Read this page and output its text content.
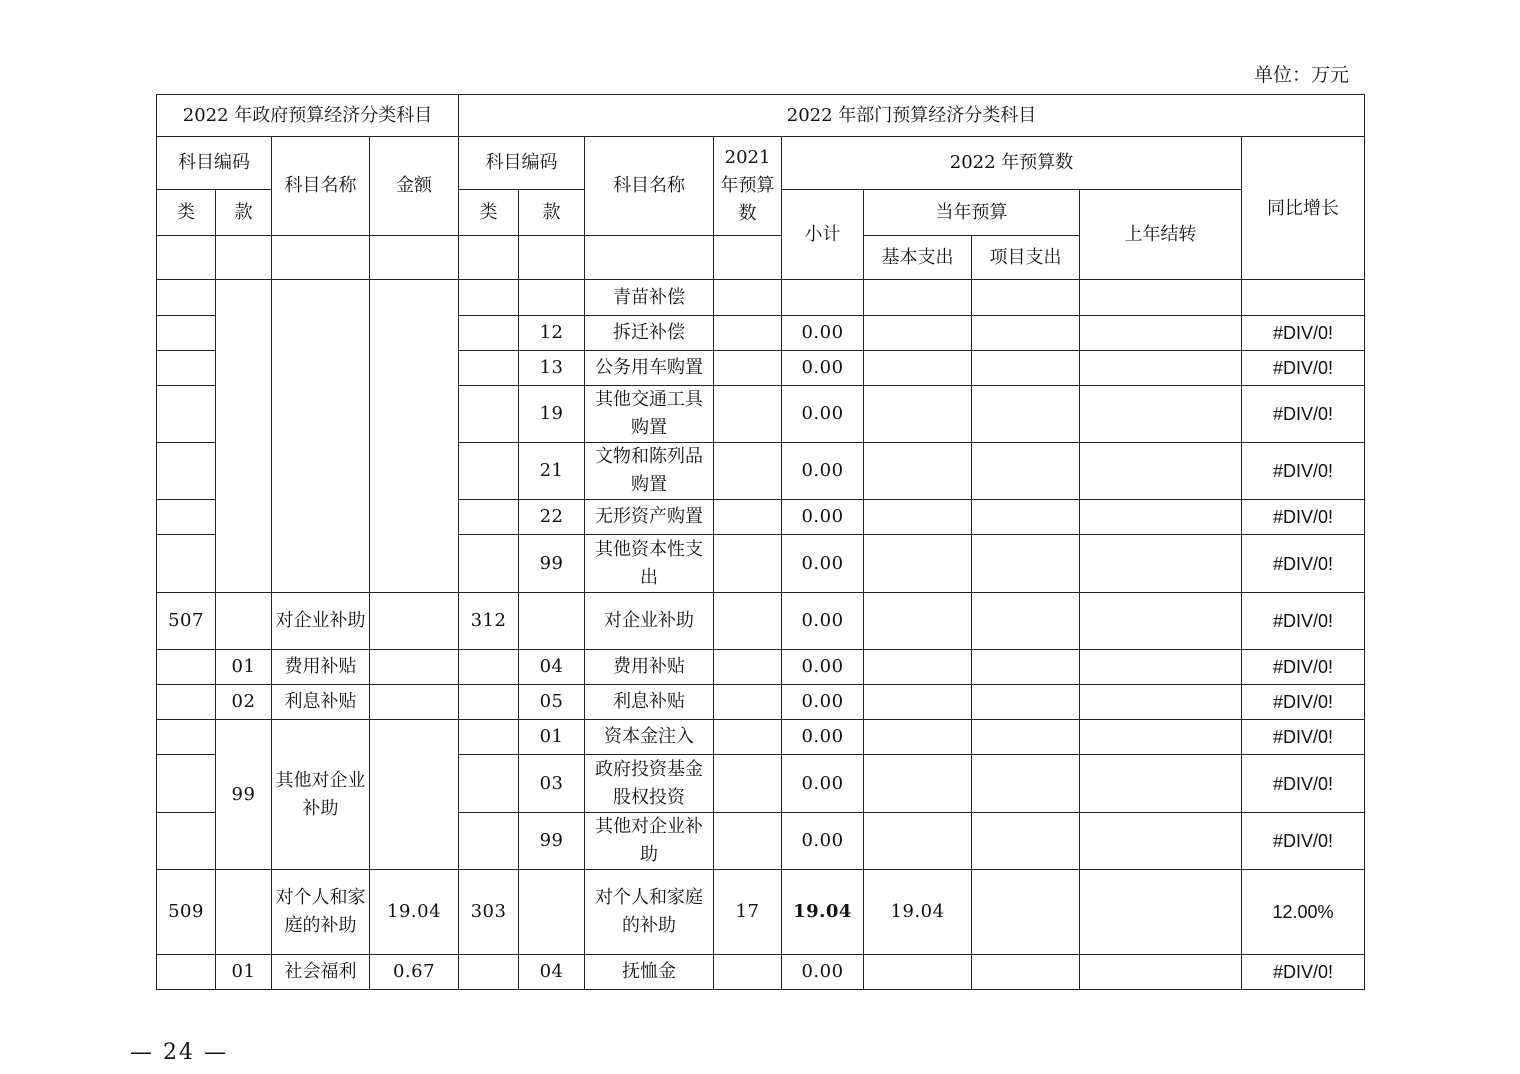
单位：万元
2022 年政府预算经济分类科目				2022 年部门预算经济分类科目								
科目编码		科目名称	金额	科目编码		科目名称	2021年预算数	2022 年预算数				同比增长
类	款			类	款			小计	当年预算		上年结转	
									基本支出	项目支出		
						青苗补偿						
					12	拆迁补偿		0.00				#DIV/0!
					13	公务用车购置		0.00				#DIV/0!
					19	其他交通工具购置		0.00				#DIV/0!
					21	文物和陈列品购置		0.00				#DIV/0!
					22	无形资产购置		0.00				#DIV/0!
					99	其他资本性支出		0.00				#DIV/0!
507		对企业补助		312		对企业补助		0.00				#DIV/0!
	01	费用补贴			04	费用补贴		0.00				#DIV/0!
	02	利息补贴			05	利息补贴		0.00				#DIV/0!
	99	其他对企业补助			01	资本金注入		0.00				#DIV/0!
					03	政府投资基金股权投资		0.00				#DIV/0!
					99	其他对企业补助		0.00				#DIV/0!
509		对个人和家庭的补助	19.04	303		对个人和家庭的补助	17	19.04	19.04			12.00%
	01	社会福利	0.67		04	抚恤金		0.00				#DIV/0!
— 24 —
